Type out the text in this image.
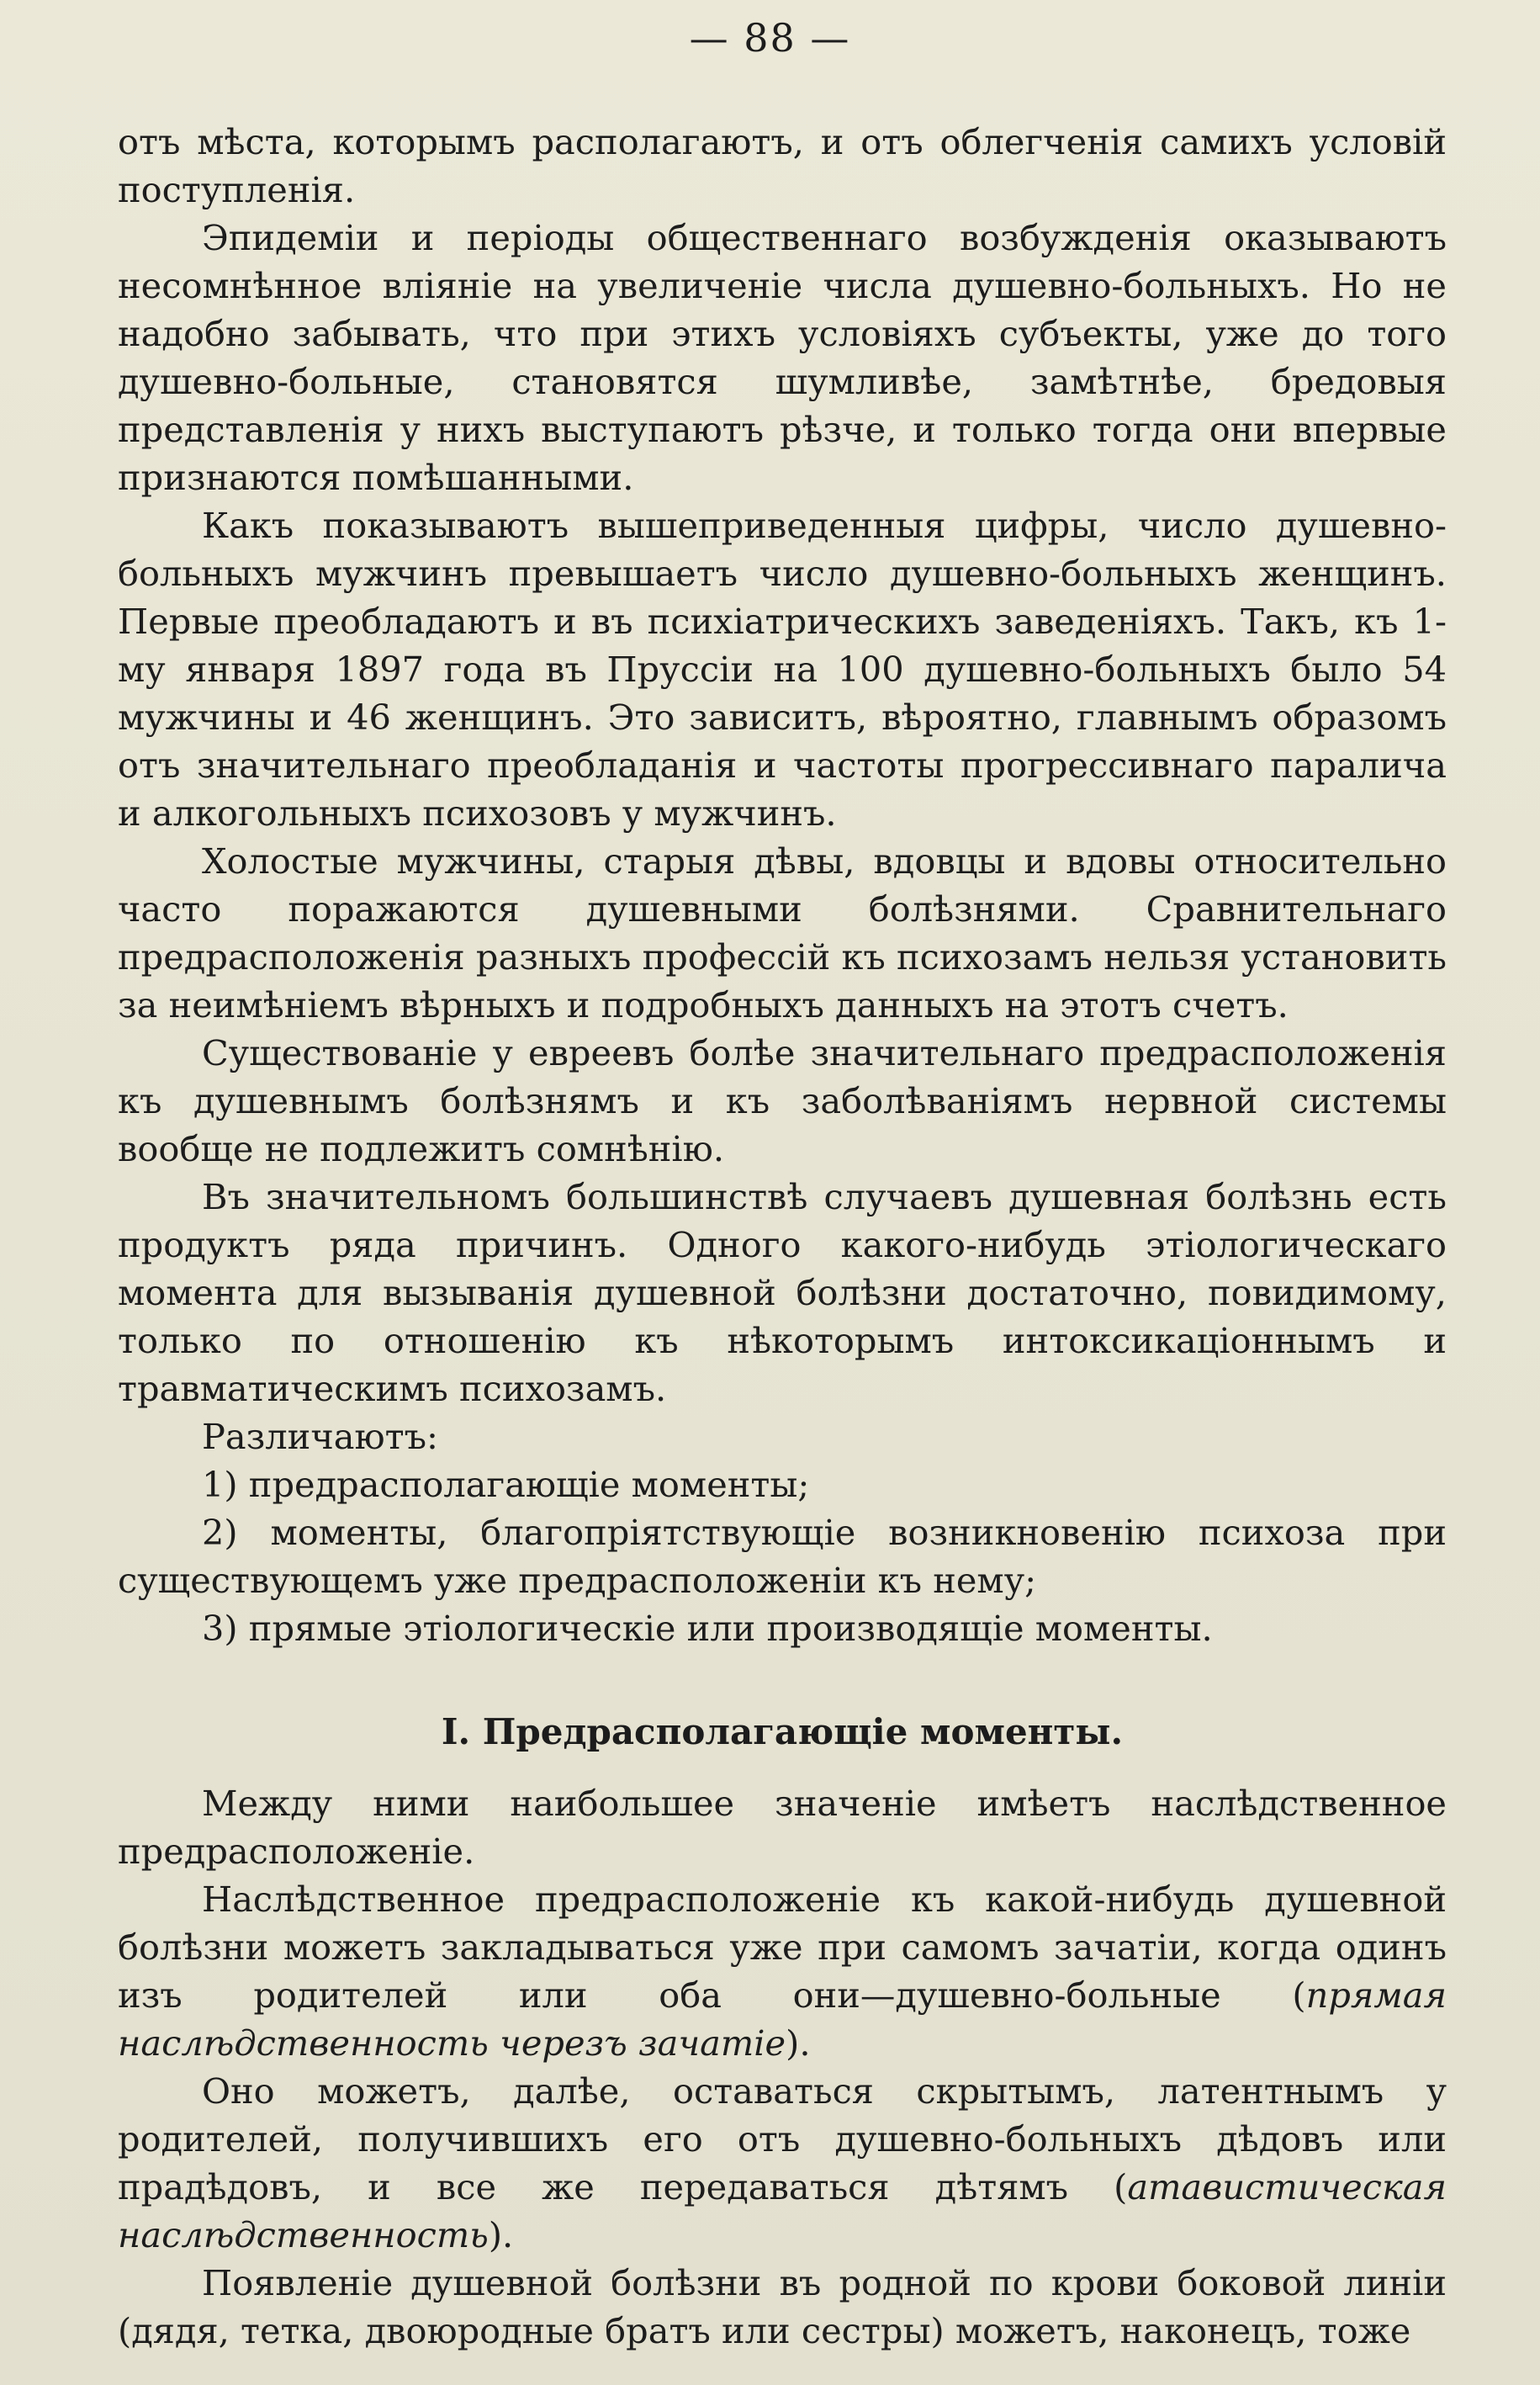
— 88 —

отъ мѣста, которымъ располагаютъ, и отъ облегченія самихъ условій поступленія.

Эпидеміи и періоды общественнаго возбужденія оказываютъ несомнѣнное вліяніе на увеличеніе числа душевно-больныхъ. Но не надобно забывать, что при этихъ условіяхъ субъекты, уже до того душевно-больные, становятся шумливѣе, замѣтнѣе, бредовыя представленія у нихъ выступаютъ рѣзче, и только тогда они впервые признаются помѣшанными.

Какъ показываютъ вышеприведенныя цифры, число душевно-больныхъ мужчинъ превышаетъ число душевно-больныхъ женщинъ. Первые преобладаютъ и въ психіатрическихъ заведеніяхъ. Такъ, къ 1-му января 1897 года въ Пруссіи на 100 душевно-больныхъ было 54 мужчины и 46 женщинъ. Это зависитъ, вѣроятно, главнымъ образомъ отъ значительнаго преобладанія и частоты прогрессивнаго паралича и алкогольныхъ психозовъ у мужчинъ.

Холостые мужчины, старыя дѣвы, вдовцы и вдовы относительно часто поражаются душевными болѣзнями. Сравнительнаго предрасположенія разныхъ профессій къ психозамъ нельзя установить за неимѣніемъ вѣрныхъ и подробныхъ данныхъ на этотъ счетъ.

Существованіе у евреевъ болѣе значительнаго предрасположенія къ душевнымъ болѣзнямъ и къ заболѣваніямъ нервной системы вообще не подлежитъ сомнѣнію.

Въ значительномъ большинствѣ случаевъ душевная болѣзнь есть продуктъ ряда причинъ. Одного какого-нибудь этіологическаго момента для вызыванія душевной болѣзни достаточно, повидимому, только по отношенію къ нѣкоторымъ интоксикаціоннымъ и травматическимъ психозамъ.

Различаютъ:

1) предрасполагающіе моменты;

2) моменты, благопріятствующіе возникновенію психоза при существующемъ уже предрасположеніи къ нему;

3) прямые этіологическіе или производящіе моменты.

I. Предрасполагающіе моменты.

Между ними наибольшее значеніе имѣетъ наслѣдственное предрасположеніе.

Наслѣдственное предрасположеніе къ какой-нибудь душевной болѣзни можетъ закладываться уже при самомъ зачатіи, когда одинъ изъ родителей или оба они—душевно-больные (прямая наслѣдственность черезъ зачатіе).

Оно можетъ, далѣе, оставаться скрытымъ, латентнымъ у родителей, получившихъ его отъ душевно-больныхъ дѣдовъ или прадѣдовъ, и все же передаваться дѣтямъ (атавистическая наслѣдственность).

Появленіе душевной болѣзни въ родной по крови боковой линіи (дядя, тетка, двоюродные братъ или сестры) можетъ, наконецъ, тоже
